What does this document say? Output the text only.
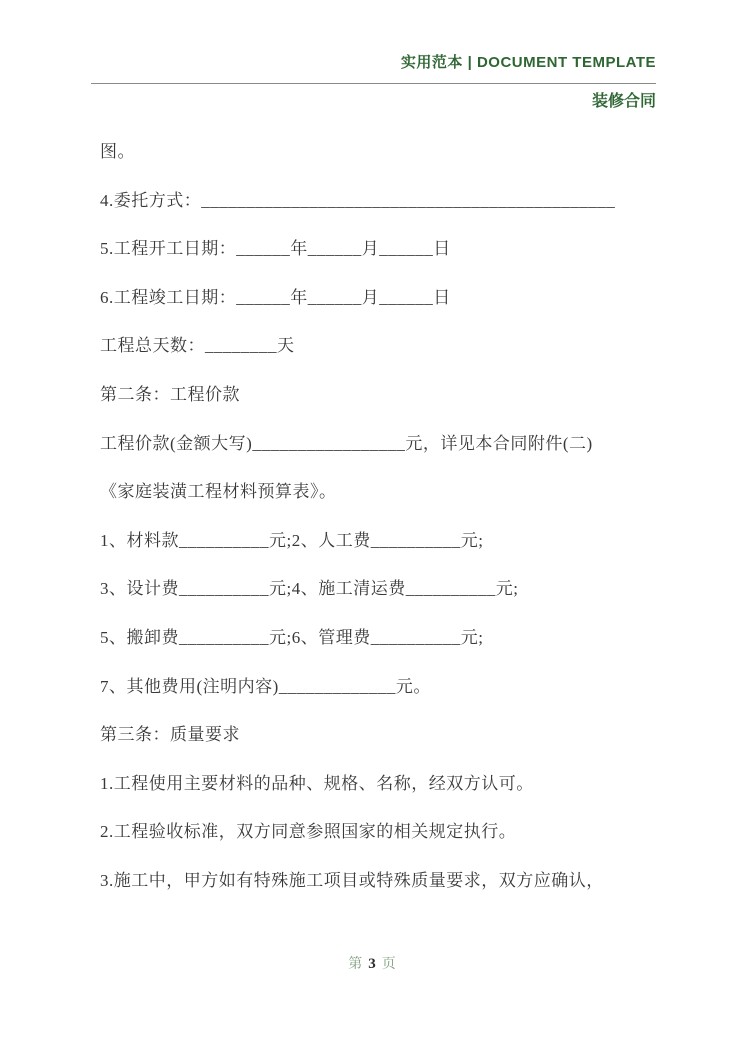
实用范本 | DOCUMENT TEMPLATE
装修合同

图。

4.委托方式：______________________________________________

5.工程开工日期：______年______月______日

6.工程竣工日期：______年______月______日

工程总天数：________天

第二条：工程价款

工程价款(金额大写)_________________元，详见本合同附件(二)

《家庭装潢工程材料预算表》。

1、材料款__________元;2、人工费__________元;

3、设计费__________元;4、施工清运费__________元;

5、搬卸费__________元;6、管理费__________元;

7、其他费用(注明内容)_____________元。

第三条：质量要求

1.工程使用主要材料的品种、规格、名称，经双方认可。

2.工程验收标准，双方同意参照国家的相关规定执行。

3.施工中，甲方如有特殊施工项目或特殊质量要求，双方应确认，

第 3 页
